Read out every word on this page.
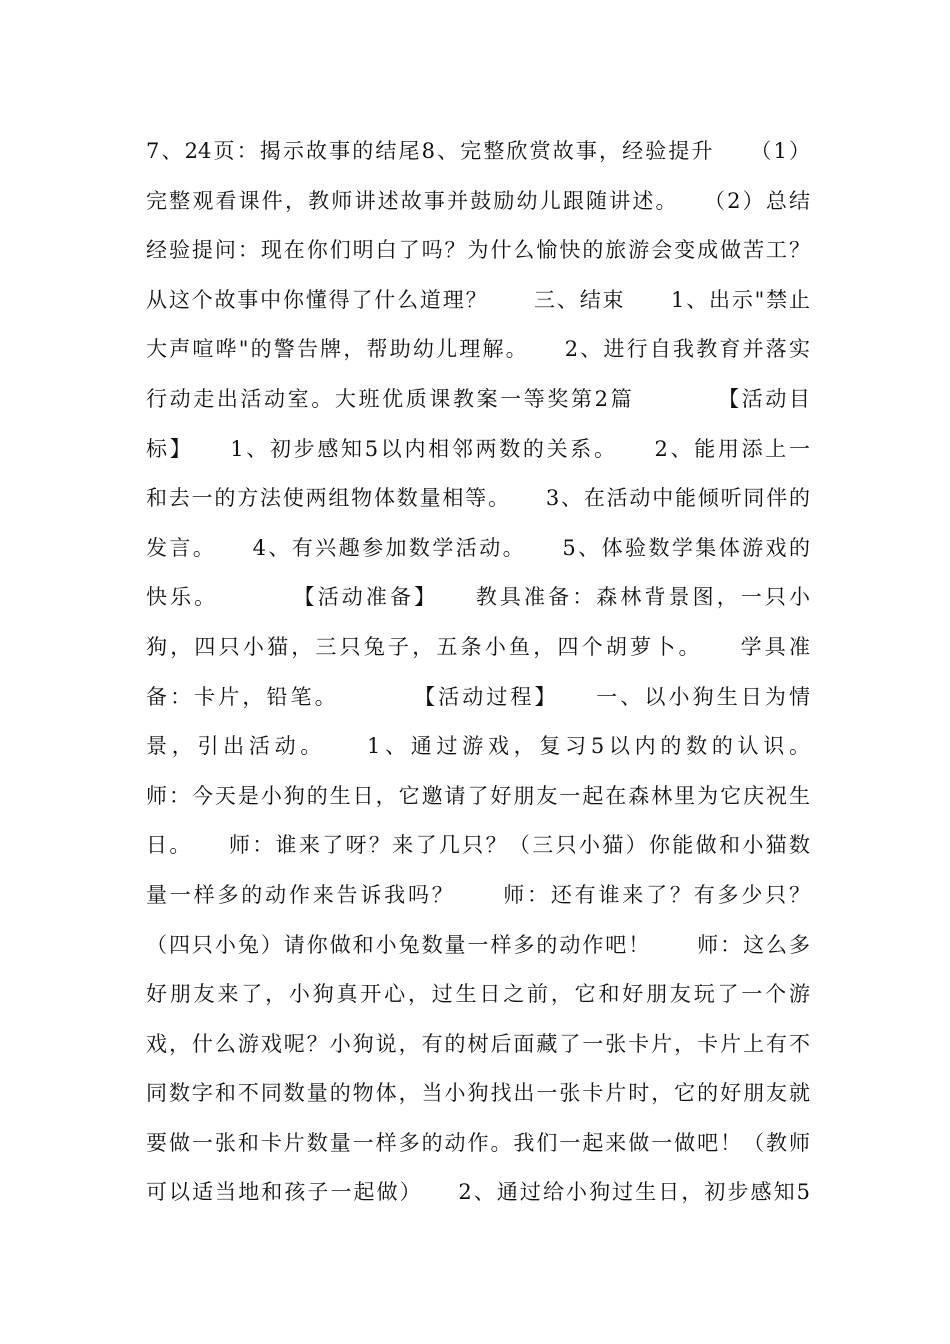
7、24页：揭示故事的结尾8、完整欣赏故事，经验提升　　（1）
完整观看课件，教师讲述故事并鼓励幼儿跟随讲述。　　（2）总结
经验提问：现在你们明白了吗？为什么愉快的旅游会变成做苦工？
从这个故事中你懂得了什么道理？　　三、结束　　1、出示"禁止
大声喧哗"的警告牌，帮助幼儿理解。　　2、进行自我教育并落实
行动走出活动室。大班优质课教案一等奖第2篇　　　　【活动目
标】　　1、初步感知5以内相邻两数的关系。　　2、能用添上一
和去一的方法使两组物体数量相等。　　3、在活动中能倾听同伴的
发言。　　4、有兴趣参加数学活动。　　5、体验数学集体游戏的
快乐。　　　　【活动准备】　　教具准备：森林背景图，一只小
狗，四只小猫，三只兔子，五条小鱼，四个胡萝卜。　　学具准
备：卡片，铅笔。　　　　【活动过程】　　一、以小狗生日为情
景，引出活动。　　1、通过游戏，复习5以内的数的认识。
师：今天是小狗的生日，它邀请了好朋友一起在森林里为它庆祝生
日。　　师：谁来了呀？来了几只？（三只小猫）你能做和小猫数
量一样多的动作来告诉我吗？　　师：还有谁来了？有多少只？
（四只小兔）请你做和小兔数量一样多的动作吧！　　师：这么多
好朋友来了，小狗真开心，过生日之前，它和好朋友玩了一个游
戏，什么游戏呢？小狗说，有的树后面藏了一张卡片，卡片上有不
同数字和不同数量的物体，当小狗找出一张卡片时，它的好朋友就
要做一张和卡片数量一样多的动作。我们一起来做一做吧！（教师
可以适当地和孩子一起做）　　2、通过给小狗过生日，初步感知5
